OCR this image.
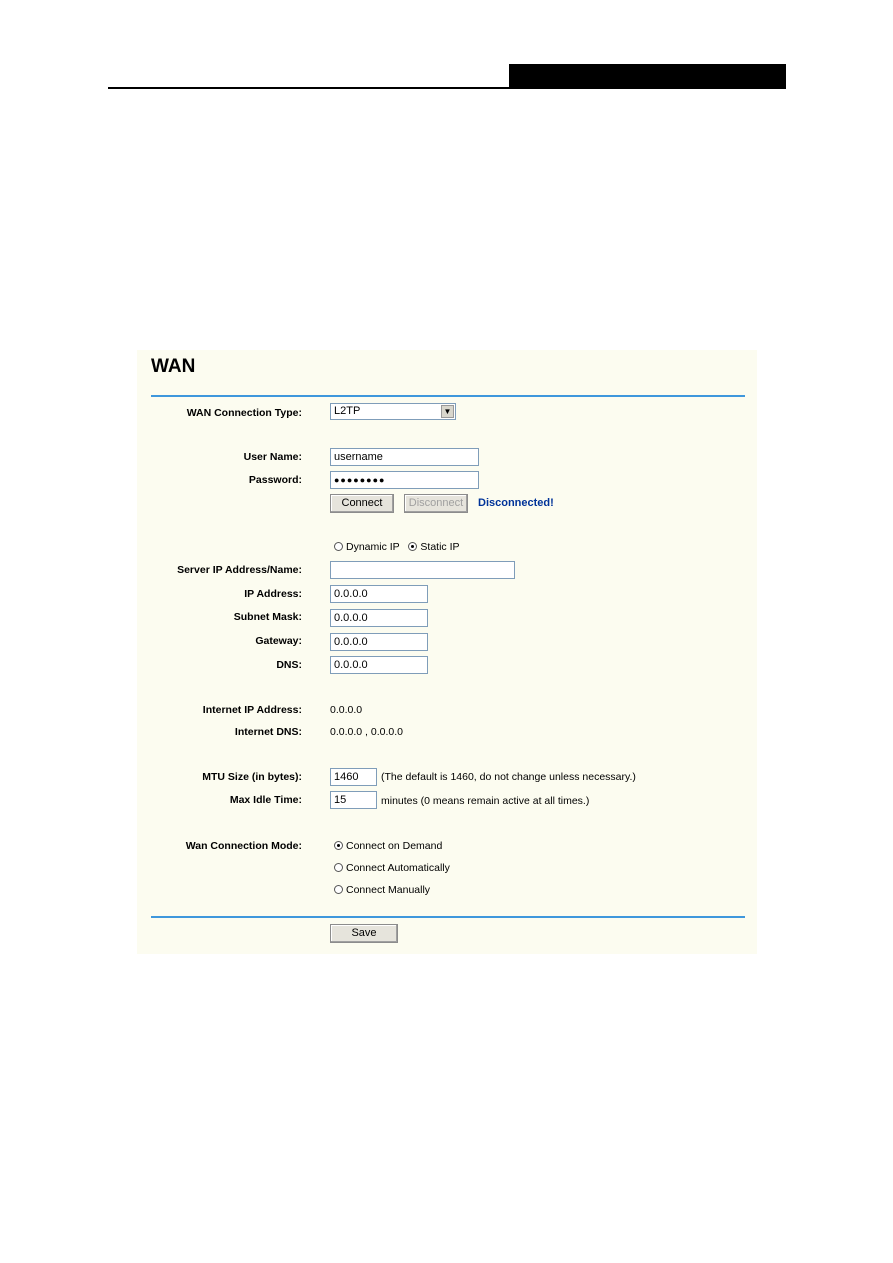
WAN
WAN Connection Type:	L2TP	▼
User Name:	username
Password:	●●●●●●●●
Connect	Disconnect	Disconnected!
Dynamic IP Static IP
Server IP Address/Name:
IP Address:	0.0.0.0
Subnet Mask:	0.0.0.0
Gateway:	0.0.0.0
DNS:	0.0.0.0
Internet IP Address:	0.0.0.0
Internet DNS:	0.0.0.0 , 0.0.0.0
MTU Size (in bytes):	1460	(The default is 1460, do not change unless necessary.)
Max Idle Time:	15	minutes (0 means remain active at all times.)
Wan Connection Mode:	Connect on Demand
Connect Automatically
Connect Manually
Save
